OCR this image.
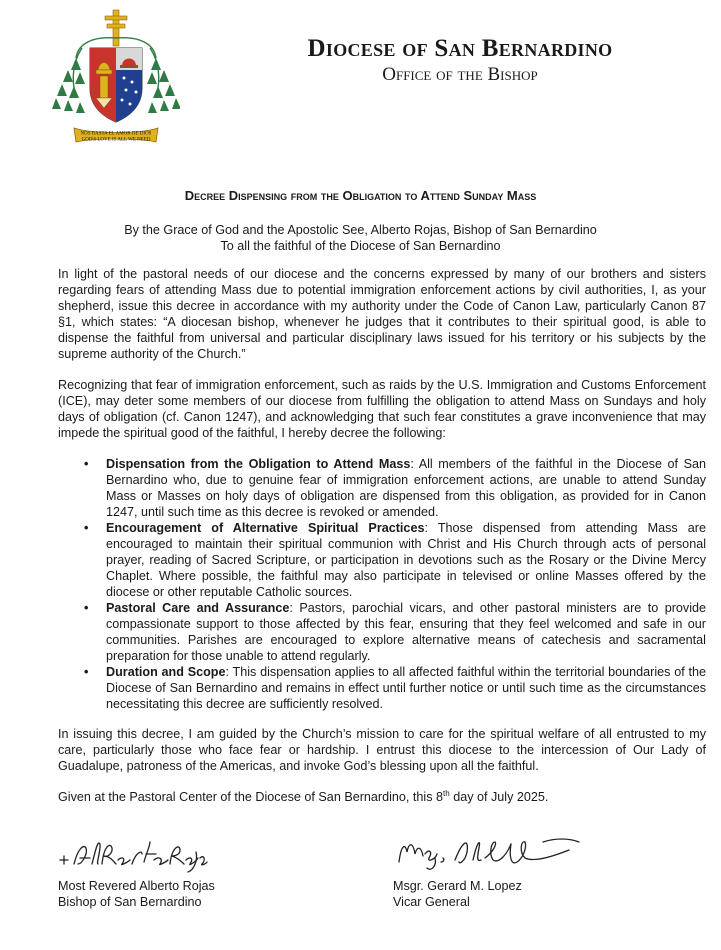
NOS BASTA EL AMOR DE DIOS
GOD'S LOVE IS ALL WE NEED
Diocese of San Bernardino
Office of the Bishop
Decree Dispensing from the Obligation to Attend Sunday Mass
By the Grace of God and the Apostolic See, Alberto Rojas, Bishop of San Bernardino
To all the faithful of the Diocese of San Bernardino

In light of the pastoral needs of our diocese and the concerns expressed by many of our brothers and sisters regarding fears of attending Mass due to potential immigration enforcement actions by civil authorities, I, as your shepherd, issue this decree in accordance with my authority under the Code of Canon Law, particularly Canon 87 §1, which states: “A diocesan bishop, whenever he judges that it contributes to their spiritual good, is able to dispense the faithful from universal and particular disciplinary laws issued for his territory or his subjects by the supreme authority of the Church.”

Recognizing that fear of immigration enforcement, such as raids by the U.S. Immigration and Customs Enforcement (ICE), may deter some members of our diocese from fulfilling the obligation to attend Mass on Sundays and holy days of obligation (cf. Canon 1247), and acknowledging that such fear constitutes a grave inconvenience that may impede the spiritual good of the faithful, I hereby decree the following:

• Dispensation from the Obligation to Attend Mass: All members of the faithful in the Diocese of San Bernardino who, due to genuine fear of immigration enforcement actions, are unable to attend Sunday Mass or Masses on holy days of obligation are dispensed from this obligation, as provided for in Canon 1247, until such time as this decree is revoked or amended.
• Encouragement of Alternative Spiritual Practices: Those dispensed from attending Mass are encouraged to maintain their spiritual communion with Christ and His Church through acts of personal prayer, reading of Sacred Scripture, or participation in devotions such as the Rosary or the Divine Mercy Chaplet. Where possible, the faithful may also participate in televised or online Masses offered by the diocese or other reputable Catholic sources.
• Pastoral Care and Assurance: Pastors, parochial vicars, and other pastoral ministers are to provide compassionate support to those affected by this fear, ensuring that they feel welcomed and safe in our communities. Parishes are encouraged to explore alternative means of catechesis and sacramental preparation for those unable to attend regularly.
• Duration and Scope: This dispensation applies to all affected faithful within the territorial boundaries of the Diocese of San Bernardino and remains in effect until further notice or until such time as the circumstances necessitating this decree are sufficiently resolved.

In issuing this decree, I am guided by the Church’s mission to care for the spiritual welfare of all entrusted to my care, particularly those who face fear or hardship. I entrust this diocese to the intercession of Our Lady of Guadalupe, patroness of the Americas, and invoke God’s blessing upon all the faithful.

Given at the Pastoral Center of the Diocese of San Bernardino, this 8th day of July 2025.

Most Revered Alberto Rojas
Bishop of San Bernardino
Msgr. Gerard M. Lopez
Vicar General
